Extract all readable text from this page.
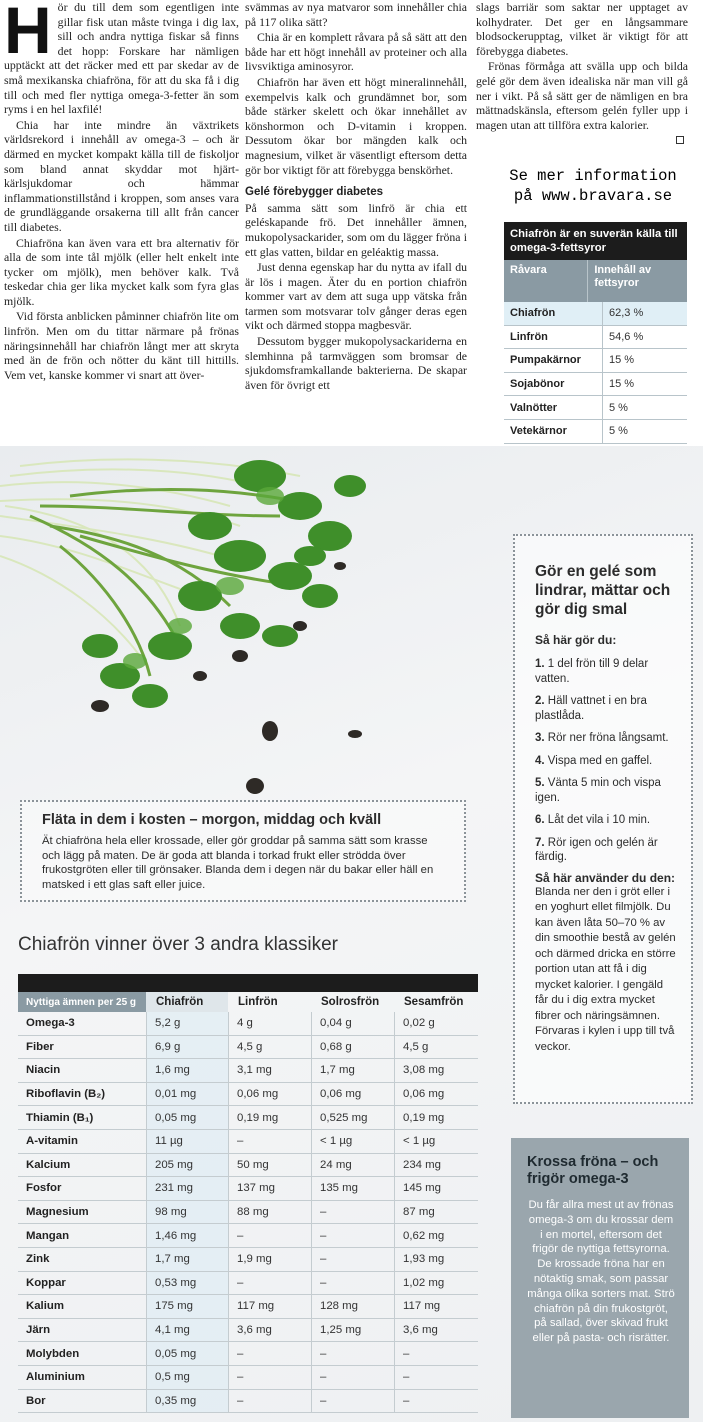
Hör du till dem som egentligen inte gillar fisk utan måste tvinga i dig lax, sill och andra nyttiga fiskar så finns det hopp: Forskare har nämligen upptäckt att det räcker med ett par skedar av de små mexikanska chiafröna, för att du ska få i dig till och med fler nyttiga omega-3-fetter än som ryms i en hel laxfilé!

Chia har inte mindre än växtrikets världsrekord i innehåll av omega-3 – och är därmed en mycket kompakt källa till de fiskoljor som bland annat skyddar mot hjärt-kärlsjukdomar och hämmar inflammationstillstånd i kroppen, som anses vara de grundläggande orsakerna till allt från cancer till diabetes.

Chiafröna kan även vara ett bra alternativ för alla de som inte tål mjölk (eller helt enkelt inte tycker om mjölk), men behöver kalk. Två teskedar chia ger lika mycket kalk som fyra glas mjölk.

Vid första anblicken påminner chiafrön lite om linfrön. Men om du tittar närmare på frönas näringsinnehåll har chiafrön långt mer att skryta med än de frön och nötter du känt till hittills. Vem vet, kanske kommer vi snart att över-

svämmas av nya matvaror som innehåller chia på 117 olika sätt?

Chia är en komplett råvara på så sätt att den både har ett högt innehåll av proteiner och alla livsviktiga aminosyror.

Chiafrön har även ett högt mineralinnehåll, exempelvis kalk och grundämnet bor, som både stärker skelett och ökar innehållet av könshormon och D-vitamin i kroppen. Dessutom ökar bor mängden kalk och magnesium, vilket är väsentligt eftersom detta gör bor viktigt för att förebygga benskörhet.

Gelé förebygger diabetes

På samma sätt som linfrö är chia ett geléskapande frö. Det innehåller ämnen, mukopolysackarider, som om du lägger fröna i ett glas vatten, bildar en geléaktig massa.

Just denna egenskap har du nytta av ifall du är lös i magen. Äter du en portion chiafrön kommer vart av dem att suga upp vätska från tarmen som motsvarar tolv gånger deras egen vikt och därmed stoppa magbesvär.

Dessutom bygger mukopolysackariderna en slemhinna på tarmväggen som bromsar de sjukdomsframkallande bakterierna. De skapar även för övrigt ett

slags barriär som saktar ner upptaget av kolhydrater. Det ger en långsammare blodsockerupptag, vilket är viktigt för att förebygga diabetes.

Frönas förmåga att svälla upp och bilda gelé gör dem även idealiska när man vill gå ner i vikt. På så sätt ger de nämligen en bra mättnadskänsla, eftersom gelén fyller upp i magen utan att tillföra extra kalorier.

Se mer information
på www.bravara.se
Chiafrön är en suverän källa till omega-3-fettsyror
Råvara	Innehåll av fettsyror
Chiafrön	62,3 %
Linfrön	54,6 %
Pumpakärnor	15 %
Sojabönor	15 %
Valnötter	5 %
Vetekärnor	5 %
Gör en gelé som lindrar, mättar och gör dig smal
Så här gör du:
1. 1 del frön till 9 delar vatten.
2. Häll vattnet i en bra plastlåda.
3. Rör ner fröna långsamt.
4. Vispa med en gaffel.
5. Vänta 5 min och vispa igen.
6. Låt det vila i 10 min.
7. Rör igen och gelén är färdig.
Så här använder du den:
Blanda ner den i gröt eller i en yoghurt ellet filmjölk. Du kan även låta 50–70 % av din smoothie bestå av gelén och därmed dricka en större portion utan att få i dig mycket kalorier. I gengäld får du i dig extra mycket fibrer och näringsämnen. Förvaras i kylen i upp till två veckor.
Fläta in dem i kosten – morgon, middag och kväll

Ät chiafröna hela eller krossade, eller gör groddar på samma sätt som krasse och lägg på maten. De är goda att blanda i torkad frukt eller strödda över frukostgröten eller till grönsaker. Blanda dem i degen när du bakar eller häll en matsked i ett glas saft eller juice.

Chiafrön vinner över 3 andra klassiker
Nyttiga ämnen per 25 g	Chiafrön	Linfrön	Solrosfrön	Sesamfrön
Omega-3	5,2 g	4 g	0,04 g	0,02 g
Fiber	6,9 g	4,5 g	0,68 g	4,5 g
Niacin	1,6 mg	3,1 mg	1,7 mg	3,08 mg
Riboflavin (B₂)	0,01 mg	0,06 mg	0,06 mg	0,06 mg
Thiamin (B₁)	0,05 mg	0,19 mg	0,525 mg	0,19 mg
A-vitamin	11 µg	–	< 1 µg	< 1 µg
Kalcium	205 mg	50 mg	24 mg	234 mg
Fosfor	231 mg	137 mg	135 mg	145 mg
Magnesium	98 mg	88 mg	–	87 mg
Mangan	1,46 mg	–	–	0,62 mg
Zink	1,7 mg	1,9 mg	–	1,93 mg
Koppar	0,53 mg	–	–	1,02 mg
Kalium	175 mg	117 mg	128 mg	117 mg
Järn	4,1 mg	3,6 mg	1,25 mg	3,6 mg
Molybden	0,05 mg	–	–	–
Aluminium	0,5 mg	–	–	–
Bor	0,35 mg	–	–	–
Krossa fröna – och frigör omega-3

Du får allra mest ut av frönas omega-3 om du krossar dem i en mortel, eftersom det frigör de nyttiga fettsyrorna. De krossade fröna har en nötaktig smak, som passar många olika sorters mat. Strö chiafrön på din frukostgröt, på sallad, över skivad frukt eller på pasta- och risrätter.
